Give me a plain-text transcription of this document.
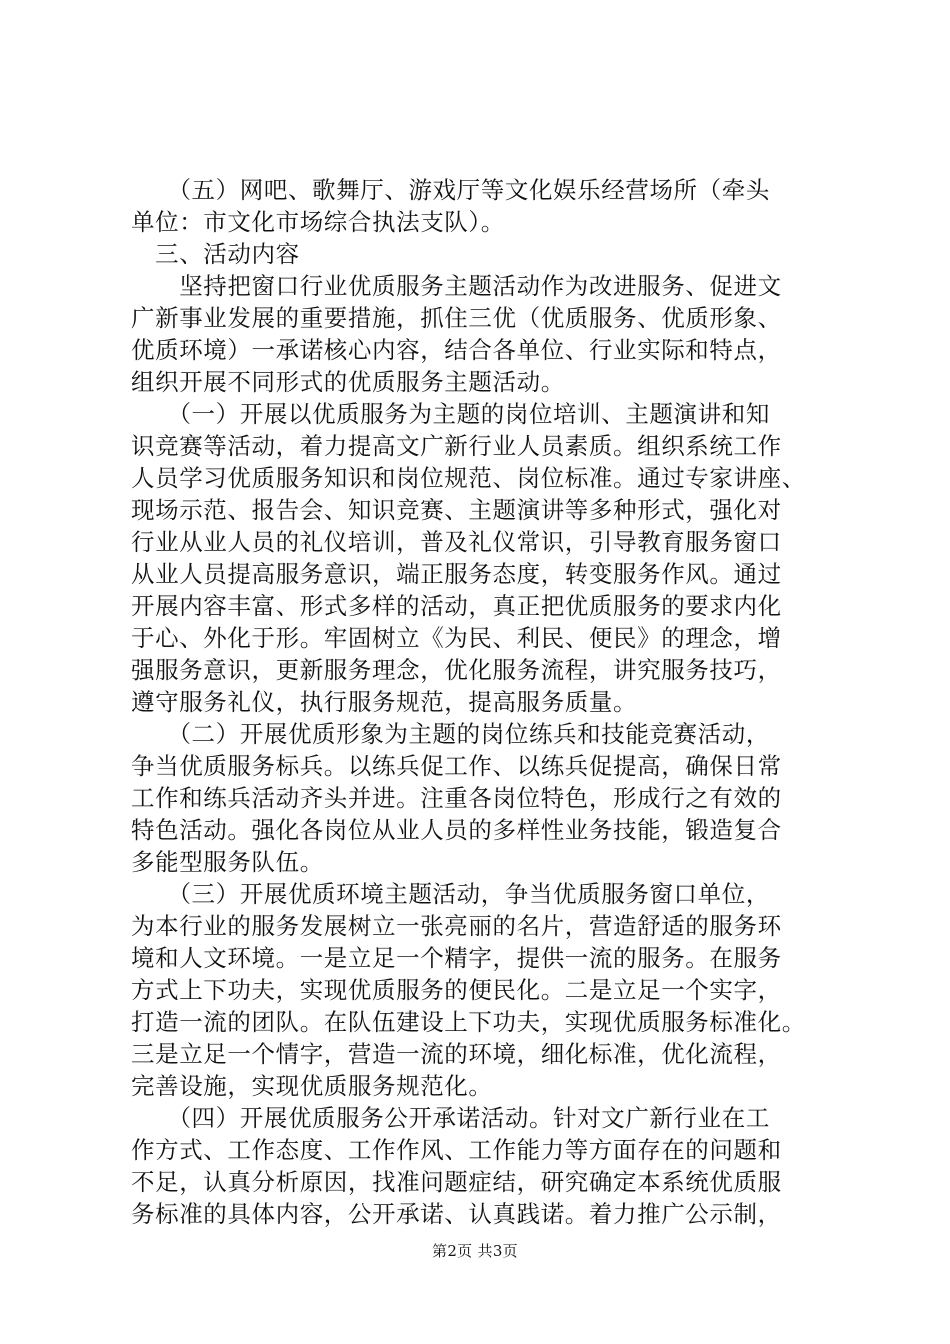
　　（五）网吧、歌舞厅、游戏厅等文化娱乐经营场所（牵头
单位：市文化市场综合执法支队）。
　三、活动内容
　　坚持把窗口行业优质服务主题活动作为改进服务、促进文
广新事业发展的重要措施，抓住三优（优质服务、优质形象、
优质环境）一承诺核心内容，结合各单位、行业实际和特点，
组织开展不同形式的优质服务主题活动。
　　（一）开展以优质服务为主题的岗位培训、主题演讲和知
识竞赛等活动，着力提高文广新行业人员素质。组织系统工作
人员学习优质服务知识和岗位规范、岗位标准。通过专家讲座、
现场示范、报告会、知识竞赛、主题演讲等多种形式，强化对
行业从业人员的礼仪培训，普及礼仪常识，引导教育服务窗口
从业人员提高服务意识，端正服务态度，转变服务作风。通过
开展内容丰富、形式多样的活动，真正把优质服务的要求内化
于心、外化于形。牢固树立《为民、利民、便民》的理念，增
强服务意识，更新服务理念，优化服务流程，讲究服务技巧，
遵守服务礼仪，执行服务规范，提高服务质量。
　　（二）开展优质形象为主题的岗位练兵和技能竞赛活动，
争当优质服务标兵。以练兵促工作、以练兵促提高，确保日常
工作和练兵活动齐头并进。注重各岗位特色，形成行之有效的
特色活动。强化各岗位从业人员的多样性业务技能，锻造复合
多能型服务队伍。
　　（三）开展优质环境主题活动，争当优质服务窗口单位，
为本行业的服务发展树立一张亮丽的名片，营造舒适的服务环
境和人文环境。一是立足一个精字，提供一流的服务。在服务
方式上下功夫，实现优质服务的便民化。二是立足一个实字，
打造一流的团队。在队伍建设上下功夫，实现优质服务标准化。
三是立足一个情字，营造一流的环境，细化标准，优化流程，
完善设施，实现优质服务规范化。
　　（四）开展优质服务公开承诺活动。针对文广新行业在工
作方式、工作态度、工作作风、工作能力等方面存在的问题和
不足，认真分析原因，找准问题症结，研究确定本系统优质服
务标准的具体内容，公开承诺、认真践诺。着力推广公示制，
第2页 共3页
